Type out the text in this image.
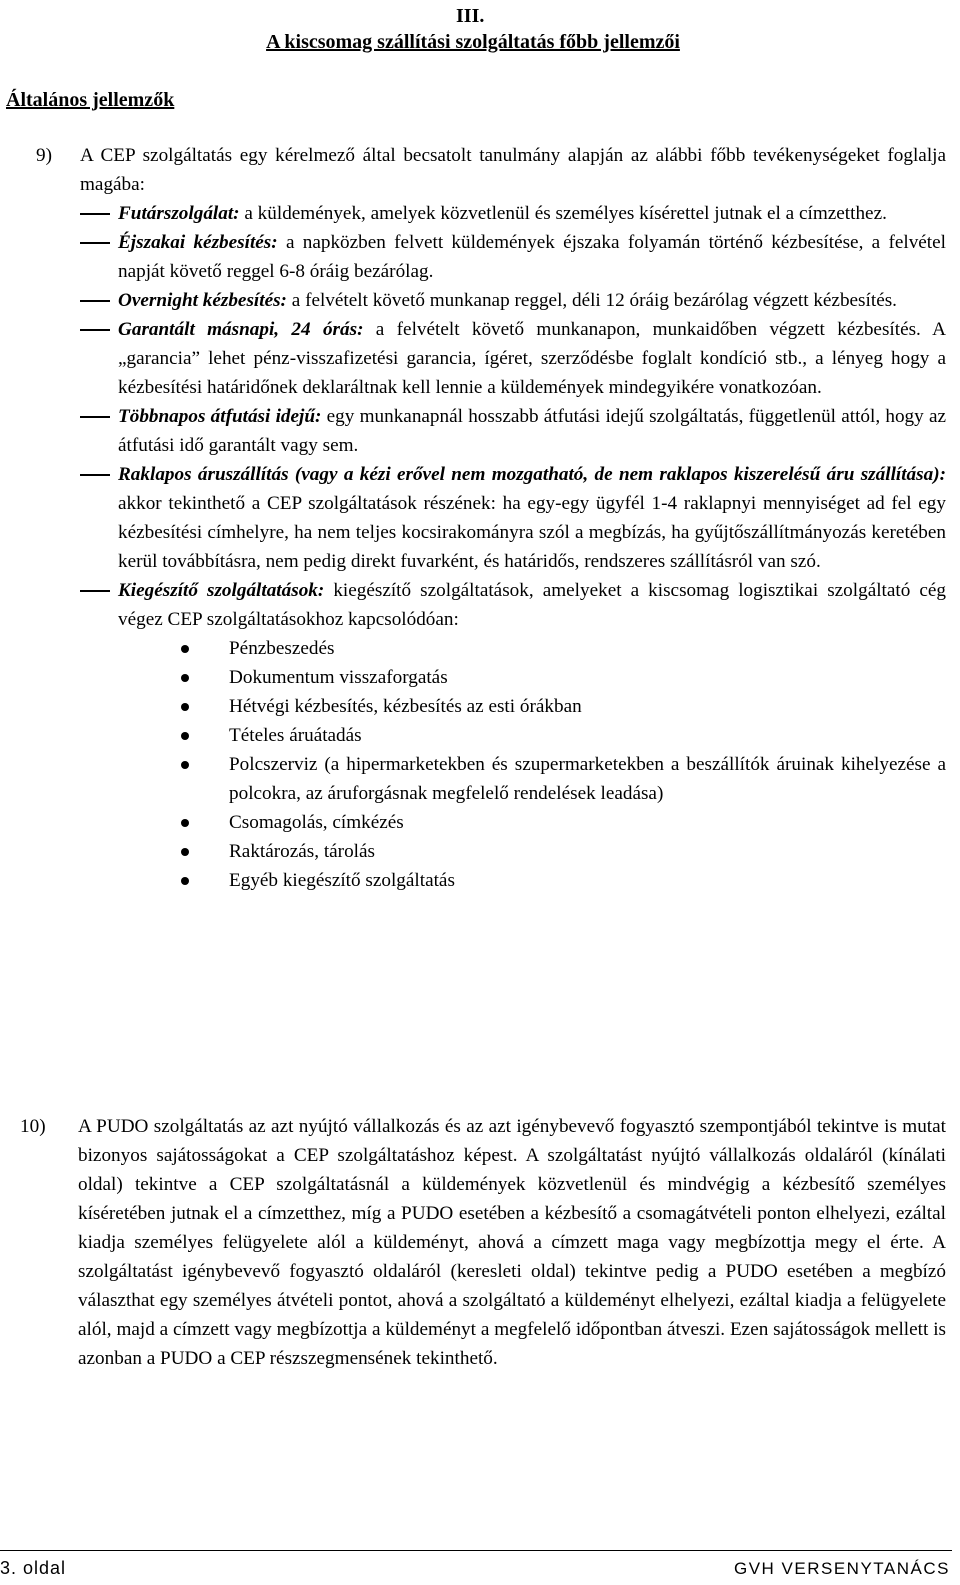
III.
A kiscsomag szállítási szolgáltatás főbb jellemzői
Általános jellemzők
9)	A CEP szolgáltatás egy kérelmező által becsatolt tanulmány alapján az alábbi főbb tevékenységeket foglalja magába:
Futárszolgálat: a küldemények, amelyek közvetlenül és személyes kísérettel jutnak el a címzetthez.
Éjszakai kézbesítés: a napközben felvett küldemények éjszaka folyamán történő kézbesítése, a felvétel napját követő reggel 6-8 óráig bezárólag.
Overnight kézbesítés: a felvételt követő munkanap reggel, déli 12 óráig bezárólag végzett kézbesítés.
Garantált másnapi, 24 órás: a felvételt követő munkanapon, munkaidőben végzett kézbesítés. A „garancia” lehet pénz-visszafizetési garancia, ígéret, szerződésbe foglalt kondíció stb., a lényeg hogy a kézbesítési határidőnek deklaráltnak kell lennie a küldemények mindegyikére vonatkozóan.
Többnapos átfutási idejű: egy munkanapnál hosszabb átfutási idejű szolgáltatás, függetlenül attól, hogy az átfutási idő garantált vagy sem.
Raklapos áruszállítás (vagy a kézi erővel nem mozgatható, de nem raklapos kiszerelésű áru szállítása): akkor tekinthető a CEP szolgáltatások részének: ha egy-egy ügyfél 1-4 raklapnyi mennyiséget ad fel egy kézbesítési címhelyre, ha nem teljes kocsirakományra szól a megbízás, ha gyűjtőszállítmányozás keretében kerül továbbításra, nem pedig direkt fuvarként, és határidős, rendszeres szállításról van szó.
Kiegészítő szolgáltatások: kiegészítő szolgáltatások, amelyeket a kiscsomag logisztikai szolgáltató cég végez CEP szolgáltatásokhoz kapcsolódóan:
Pénzbeszedés
Dokumentum visszaforgatás
Hétvégi kézbesítés, kézbesítés az esti órákban
Tételes áruátadás
Polcszerviz (a hipermarketekben és szupermarketekben a beszállítók áruinak kihelyezése a polcokra, az áruforgásnak megfelelő rendelések leadása)
Csomagolás, címkézés
Raktározás, tárolás
Egyéb kiegészítő szolgáltatás
10)	A PUDO szolgáltatás az azt nyújtó vállalkozás és az azt igénybevevő fogyasztó szempontjából tekintve is mutat bizonyos sajátosságokat a CEP szolgáltatáshoz képest. A szolgáltatást nyújtó vállalkozás oldaláról (kínálati oldal) tekintve a CEP szolgáltatásnál a küldemények közvetlenül és mindvégig a kézbesítő személyes kíséretében jutnak el a címzetthez, míg a PUDO esetében a kézbesítő a csomagátvételi ponton elhelyezi, ezáltal kiadja személyes felügyelete alól a küldeményt, ahová a címzett maga vagy megbízottja megy el érte. A szolgáltatást igénybevevő fogyasztó oldaláról (keresleti oldal) tekintve pedig a PUDO esetében a megbízó választhat egy személyes átvételi pontot, ahová a szolgáltató a küldeményt elhelyezi, ezáltal kiadja a felügyelete alól, majd a címzett vagy megbízottja a küldeményt a megfelelő időpontban átveszi. Ezen sajátosságok mellett is azonban a PUDO a CEP részszegmensének tekinthető.
3. oldal	GVH VERSENYTANÁCS
